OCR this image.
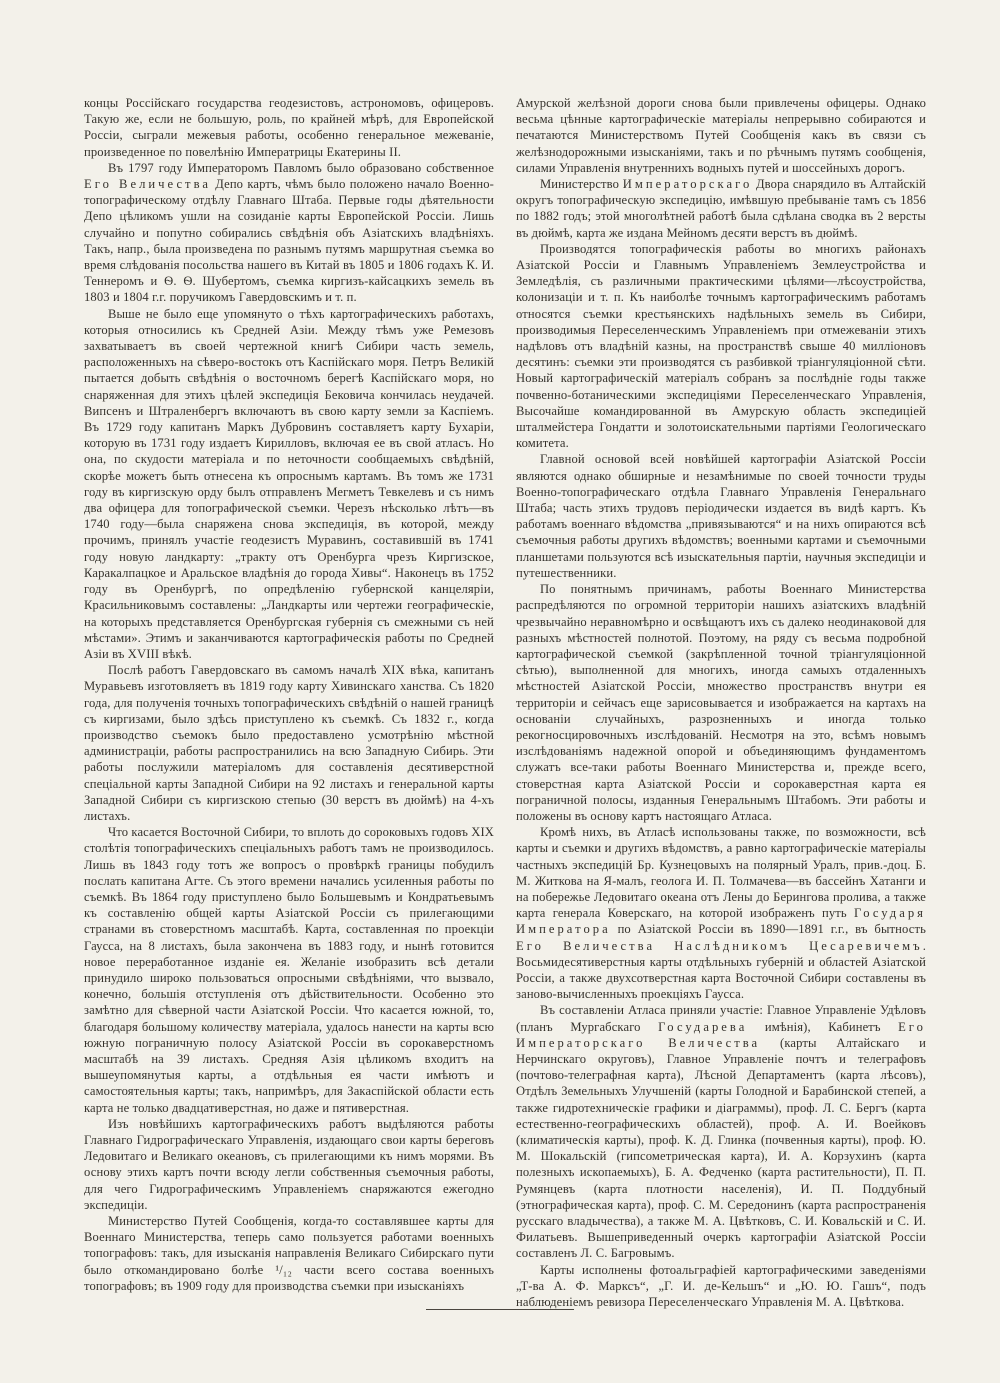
концы Россійскаго государства геодезистовъ, астрономовъ, офицеровъ. Такую же, если не большую, роль, по крайней мѣрѣ, для Европейской Россіи, сыграли межевыя работы, особенно генеральное межеваніе, произведенное по повелѣнію Императрицы Екатерины II.

Въ 1797 году Императоромъ Павломъ было образовано собственное Его Величества Депо картъ, чѣмъ было положено начало Военно-топографическому отдѣлу Главнаго Штаба. Первые годы дѣятельности Депо цѣликомъ ушли на созиданіе карты Европейской Россіи. Лишь случайно и попутно собирались свѣдѣнія объ Азіатскихъ владѣніяхъ. Такъ, напр., была произведена по разнымъ путямъ маршрутная съемка во время слѣдованія посольства нашего въ Китай въ 1805 и 1806 годахъ К. И. Теннеромъ и Ѳ. Ѳ. Шубертомъ, съемка киргизъ-кайсацкихъ земель въ 1803 и 1804 г.г. поручикомъ Гавердовскимъ и т. п.

Выше не было еще упомянуто о тѣхъ картографическихъ работахъ, которыя относились къ Средней Азіи. Между тѣмъ уже Ремезовъ захватываетъ въ своей чертежной книгѣ Сибири часть земель, расположенныхъ на сѣверо-востокъ отъ Каспійскаго моря. Петръ Великій пытается добыть свѣдѣнія о восточномъ берегѣ Каспійскаго моря, но снаряженная для этихъ цѣлей экспедиція Бековича кончилась неудачей. Випсенъ и Штраленбергъ включаютъ въ свою карту земли за Каспіемъ. Въ 1729 году капитанъ Маркъ Дубровинъ составляетъ карту Бухаріи, которую въ 1731 году издаетъ Кирилловъ, включая ее въ свой атласъ. Но она, по скудости матеріала и по неточности сообщаемыхъ свѣдѣній, скорѣе можетъ быть отнесена къ опроснымъ картамъ. Въ томъ же 1731 году въ киргизскую орду былъ отправленъ Мегметъ Тевкелевъ и съ нимъ два офицера для топографической съемки. Черезъ нѣсколько лѣтъ—въ 1740 году—была снаряжена снова экспедиція, въ которой, между прочимъ, принялъ участіе геодезистъ Муравинъ, составившій въ 1741 году новую ландкарту: „тракту отъ Оренбурга чрезъ Киргизское, Каракалпацкое и Аральское владѣнія до города Хивы“. Наконецъ въ 1752 году въ Оренбургѣ, по опредѣленію губернской канцеляріи, Красильниковымъ составлены: „Ландкарты или чертежи географическіе, на которыхъ представляется Оренбургская губернія съ смежными съ ней мѣстами». Этимъ и заканчиваются картографическія работы по Средней Азіи въ XVIII вѣкѣ.

Послѣ работъ Гавердовскаго въ самомъ началѣ XIX вѣка, капитанъ Муравьевъ изготовляетъ въ 1819 году карту Хивинскаго ханства. Съ 1820 года, для полученія точныхъ топографическихъ свѣдѣній о нашей границѣ съ киргизами, было здѣсь приступлено къ съемкѣ. Съ 1832 г., когда производство съемокъ было предоставлено усмотрѣнію мѣстной администраціи, работы распространились на всю Западную Сибирь. Эти работы послужили матеріаломъ для составленія десятиверстной спеціальной карты Западной Сибири на 92 листахъ и генеральной карты Западной Сибири съ киргизскою степью (30 верстъ въ дюймѣ) на 4-хъ листахъ.

Что касается Восточной Сибири, то вплоть до сороковыхъ годовъ XIX столѣтія топографическихъ спеціальныхъ работъ тамъ не производилось. Лишь въ 1843 году тотъ же вопросъ о провѣркѣ границы побудилъ послать капитана Агте. Съ этого времени начались усиленныя работы по съемкѣ. Въ 1864 году приступлено было Большевымъ и Кондратьевымъ къ составленію общей карты Азіатской Россіи съ прилегающими странами въ стоверстномъ масштабѣ. Карта, составленная по проекціи Гаусса, на 8 листахъ, была закончена въ 1883 году, и нынѣ готовится новое переработанное изданіе ея. Желаніе изобразить всѣ детали принудило широко пользоваться опросными свѣдѣніями, что вызвало, конечно, большія отступленія отъ дѣйствительности. Особенно это замѣтно для сѣверной части Азіатской Россіи. Что касается южной, то, благодаря большому количеству матеріала, удалось нанести на карты всю южную пограничную полосу Азіатской Россіи въ сорокаверстномъ масштабѣ на 39 листахъ. Средняя Азія цѣликомъ входитъ на вышеупомянутыя карты, а отдѣльныя ея части имѣютъ и самостоятельныя карты; такъ, напримѣръ, для Закаспійской области есть карта не только двадцативерстная, но даже и пятиверстная.

Изъ новѣйшихъ картографическихъ работъ выдѣляются работы Главнаго Гидрографическаго Управленія, издающаго свои карты береговъ Ледовитаго и Великаго океановъ, съ прилегающими къ нимъ морями. Въ основу этихъ картъ почти всюду легли собственныя съемочныя работы, для чего Гидрографическимъ Управленіемъ снаряжаются ежегодно экспедиціи.

Министерство Путей Сообщенія, когда-то составлявшее карты для Военнаго Министерства, теперь само пользуется работами военныхъ топографовъ: такъ, для изысканія направленія Великаго Сибирскаго пути было откомандировано болѣе ¹/₁₂ части всего состава военныхъ топографовъ; въ 1909 году для производства съемки при изысканіяхъ

Амурской желѣзной дороги снова были привлечены офицеры. Однако весьма цѣнные картографическіе матеріалы непрерывно собираются и печатаются Министерствомъ Путей Сообщенія какъ въ связи съ желѣзнодорожными изысканіями, такъ и по рѣчнымъ путямъ сообщенія, силами Управленія внутреннихъ водныхъ путей и шоссейныхъ дорогъ.

Министерство Императорскаго Двора снарядило въ Алтайскій округъ топографическую экспедицію, имѣвшую пребываніе тамъ съ 1856 по 1882 годъ; этой многолѣтней работѣ была сдѣлана сводка въ 2 версты въ дюймѣ, карта же издана Мейномъ десяти верстъ въ дюймѣ.

Производятся топографическія работы во многихъ районахъ Азіатской Россіи и Главнымъ Управленіемъ Землеустройства и Земледѣлія, съ различными практическими цѣлями—лѣсоустройства, колонизаціи и т. п. Къ наиболѣе точнымъ картографическимъ работамъ относятся съемки крестьянскихъ надѣльныхъ земель въ Сибири, производимыя Переселенческимъ Управленіемъ при отмежеваніи этихъ надѣловъ отъ владѣній казны, на пространствѣ свыше 40 милліоновъ десятинъ: съемки эти производятся съ разбивкой тріангуляціонной сѣти. Новый картографическій матеріалъ собранъ за послѣдніе годы также почвенно-ботаническими экспедиціями Переселенческаго Управленія, Высочайше командированной въ Амурскую область экспедиціей шталмейстера Гондатти и золотоискательными партіями Геологическаго комитета.

Главной основой всей новѣйшей картографіи Азіатской Россіи являются однако обширные и незамѣнимые по своей точности труды Военно-топографическаго отдѣла Главнаго Управленія Генеральнаго Штаба; часть этихъ трудовъ періодически издается въ видѣ картъ. Къ работамъ военнаго вѣдомства „привязываются“ и на нихъ опираются всѣ съемочныя работы другихъ вѣдомствъ; военными картами и съемочными планшетами пользуются всѣ изыскательныя партіи, научныя экспедиціи и путешественники.

По понятнымъ причинамъ, работы Военнаго Министерства распредѣляются по огромной территоріи нашихъ азіатскихъ владѣній чрезвычайно неравномѣрно и освѣщаютъ ихъ съ далеко неодинаковой для разныхъ мѣстностей полнотой. Поэтому, на ряду съ весьма подробной картографической съемкой (закрѣпленной точной тріангуляціонной сѣтью), выполненной для многихъ, иногда самыхъ отдаленныхъ мѣстностей Азіатской Россіи, множество пространствъ внутри ея территоріи и сейчасъ еще зарисовывается и изображается на картахъ на основаніи случайныхъ, разрозненныхъ и иногда только рекогносцировочныхъ изслѣдованій. Несмотря на это, всѣмъ новымъ изслѣдованіямъ надежной опорой и объединяющимъ фундаментомъ служатъ все-таки работы Военнаго Министерства и, прежде всего, стоверстная карта Азіатской Россіи и сорокаверстная карта ея пограничной полосы, изданныя Генеральнымъ Штабомъ. Эти работы и положены въ основу картъ настоящаго Атласа.

Кромѣ нихъ, въ Атласѣ использованы также, по возможности, всѣ карты и съемки и другихъ вѣдомствъ, а равно картографическіе матеріалы частныхъ экспедицій Бр. Кузнецовыхъ на полярный Уралъ, прив.-доц. Б. М. Житкова на Я-малъ, геолога И. П. Толмачева—въ бассейнъ Хатанги и на побережье Ледовитаго океана отъ Лены до Берингова пролива, а также карта генерала Коверскаго, на которой изображенъ путь Государя Императора по Азіатской Россіи въ 1890—1891 г.г., въ бытность Его Величества Наслѣдникомъ Цесаревичемъ. Восьмидесятиверстныя карты отдѣльныхъ губерній и областей Азіатской Россіи, а также двухсотверстная карта Восточной Сибири составлены въ заново-вычисленныхъ проекціяхъ Гаусса.

Въ составленіи Атласа приняли участіе: Главное Управленіе Удѣловъ (планъ Мургабскаго Государева имѣнія), Кабинетъ Его Императорскаго Величества (карты Алтайскаго и Нерчинскаго округовъ), Главное Управленіе почтъ и телеграфовъ (почтово-телеграфная карта), Лѣсной Департаментъ (карта лѣсовъ), Отдѣлъ Земельныхъ Улучшеній (карты Голодной и Барабинской степей, а также гидротехническіе графики и діаграммы), проф. Л. С. Бергъ (карта естественно-географическихъ областей), проф. А. И. Воейковъ (климатическія карты), проф. К. Д. Глинка (почвенныя карты), проф. Ю. М. Шокальскій (гипсометрическая карта), И. А. Корзухинъ (карта полезныхъ ископаемыхъ), Б. А. Федченко (карта растительности), П. П. Румянцевъ (карта плотности населенія), И. П. Поддубный (этнографическая карта), проф. С. М. Середонинъ (карта распространенія русскаго владычества), а также М. А. Цвѣтковъ, С. И. Ковальскій и С. И. Филатьевъ. Вышеприведенный очеркъ картографіи Азіатской Россіи составленъ Л. С. Багровымъ.

Карты исполнены фотоальграфіей картографическими заведеніями „Т-ва А. Ф. Марксъ“, „Г. И. де-Кельшъ“ и „Ю. Ю. Гашъ“, подъ наблюденіемъ ревизора Переселенческаго Управленія М. А. Цвѣткова.
